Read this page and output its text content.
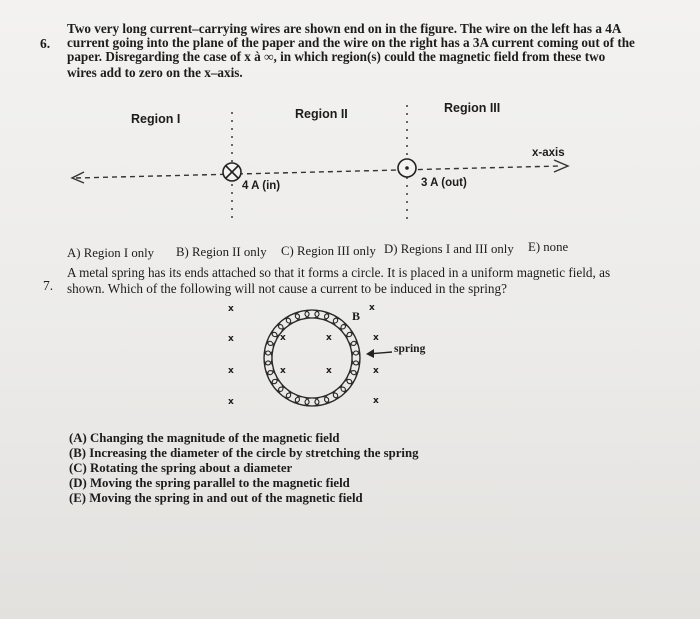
6.

Two very long current–carrying wires are shown end on in the figure. The wire on the left has a 4A

current going into the plane of the paper and the wire on the right has a 3A current coming out of the

paper. Disregarding the case of x à ∞, in which region(s) could the magnetic field from these two

wires add to zero on the x–axis.

Region I	Region II	Region III
x-axis
4 A (in)	3 A (out)
A) Region I only B) Region II only C) Region III only D) Regions I and III only E) none

7.

A metal spring has its ends attached so that it forms a circle. It is placed in a uniform magnetic field, as

shown. Which of the following will not cause a current to be induced in the spring?

x
x
x
x
x
x
x
x
x
x
x
x
B
spring

(A) Changing the magnitude of the magnetic field

(B) Increasing the diameter of the circle by stretching the spring

(C) Rotating the spring about a diameter

(D) Moving the spring parallel to the magnetic field

(E) Moving the spring in and out of the magnetic field
